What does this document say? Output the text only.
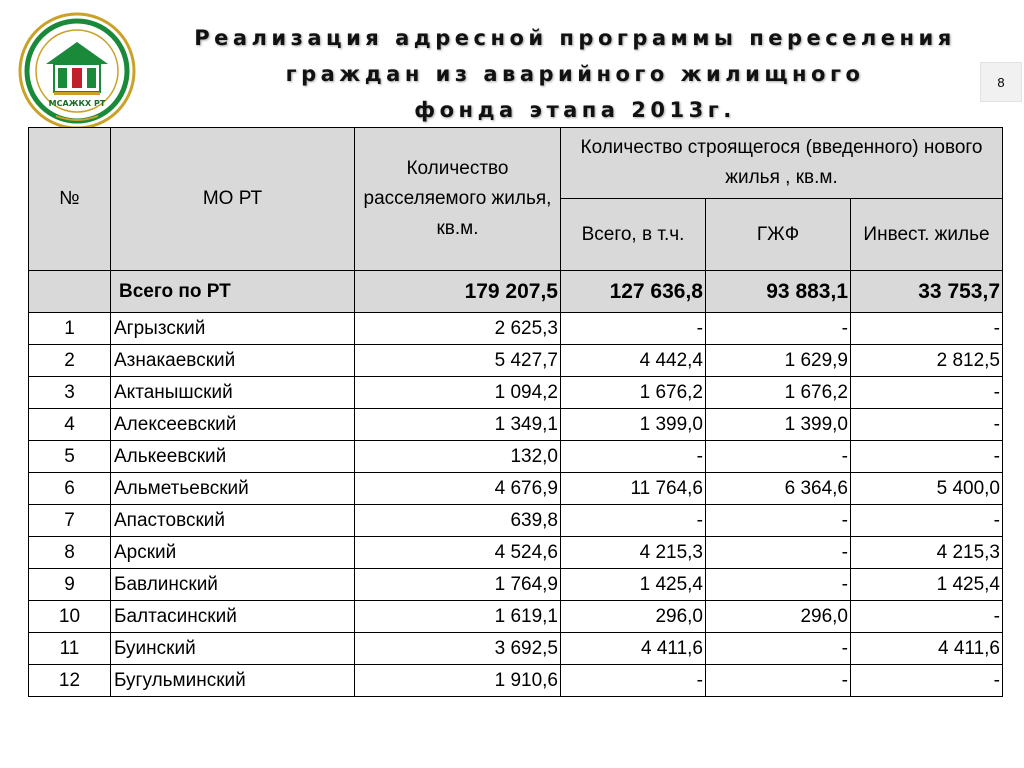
МСАЖКХ РТ
Реализация адресной программы переселения
граждан из аварийного жилищного
фонда этапа 2013г.
8
№	МО РТ	Количество расселяемого жилья, кв.м.	Количество строящегося (введенного) нового жилья , кв.м.		
			Всего, в т.ч.	ГЖФ	Инвест. жилье
	Всего по РТ	179 207,5	127 636,8	93 883,1	33 753,7
1	Агрызский	2 625,3	-	-	-
2	Азнакаевский	5 427,7	4 442,4	1 629,9	2 812,5
3	Актанышский	1 094,2	1 676,2	1 676,2	-
4	Алексеевский	1 349,1	1 399,0	1 399,0	-
5	Алькеевский	132,0	-	-	-
6	Альметьевский	4 676,9	11 764,6	6 364,6	5 400,0
7	Апастовский	639,8	-	-	-
8	Арский	4 524,6	4 215,3	-	4 215,3
9	Бавлинский	1 764,9	1 425,4	-	1 425,4
10	Балтасинский	1 619,1	296,0	296,0	-
11	Буинский	3 692,5	4 411,6	-	4 411,6
12	Бугульминский	1 910,6	-	-	-
